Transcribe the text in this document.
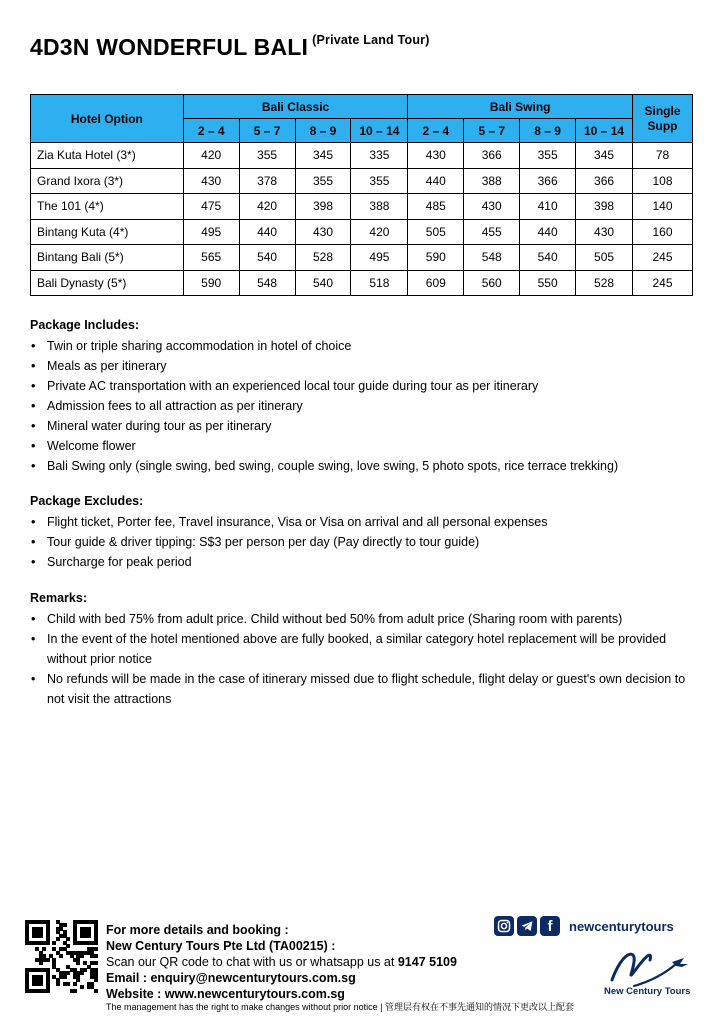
4D3N WONDERFUL BALI $^{(Private Land Tour)}$
Hotel Option	Bali Classic				Bali Swing				Single Supp
	2 – 4	5 – 7	8 – 9	10 – 14	2 – 4	5 – 7	8 – 9	10 – 14	
Zia Kuta Hotel (3*)	420	355	345	335	430	366	355	345	78
Grand Ixora (3*)	430	378	355	355	440	388	366	366	108
The 101 (4*)	475	420	398	388	485	430	410	398	140
Bintang Kuta (4*)	495	440	430	420	505	455	440	430	160
Bintang Bali (5*)	565	540	528	495	590	548	540	505	245
Bali Dynasty (5*)	590	548	540	518	609	560	550	528	245
Package Includes:
• Twin or triple sharing accommodation in hotel of choice
• Meals as per itinerary
• Private AC transportation with an experienced local tour guide during tour as per itinerary
• Admission fees to all attraction as per itinerary
• Mineral water during tour as per itinerary
• Welcome flower
• Bali Swing only (single swing, bed swing, couple swing, love swing, 5 photo spots, rice terrace trekking)
Package Excludes:
• Flight ticket, Porter fee, Travel insurance, Visa or Visa on arrival and all personal expenses
• Tour guide & driver tipping: S$3 per person per day (Pay directly to tour guide)
• Surcharge for peak period
Remarks:
• Child with bed 75% from adult price. Child without bed 50% from adult price (Sharing room with parents)
• In the event of the hotel mentioned above are fully booked, a similar category hotel replacement will be provided without prior notice
• No refunds will be made in the case of itinerary missed due to flight schedule, flight delay or guest's own decision to not visit the attractions
For more details and booking :
New Century Tours Pte Ltd (TA00215) :
Scan our QR code to chat with us or whatsapp us at 9147 5109
Email : enquiry@newcenturytours.com.sg
Website : www.newcenturytours.com.sg
The management has the right to make changes without prior notice | 管理层有权在不事先通知的情况下更改以上配套
f	newcenturytours
New Century Tours
